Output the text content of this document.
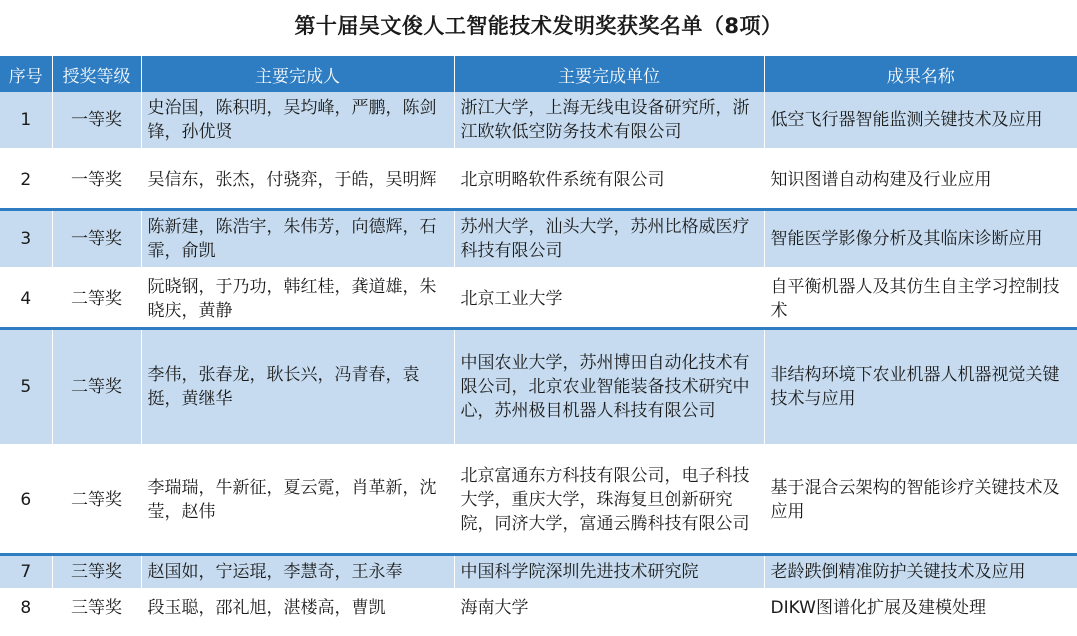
第十届吴文俊人工智能技术发明奖获奖名单（8项）
序号	授奖等级	主要完成人	主要完成单位	成果名称
1	一等奖	史治国，陈积明，吴均峰，严鹏，陈剑锋，孙优贤	浙江大学，上海无线电设备研究所，浙江欧软低空防务技术有限公司	低空飞行器智能监测关键技术及应用
2	一等奖	吴信东，张杰，付骁弈，于皓，吴明辉	北京明略软件系统有限公司	知识图谱自动构建及行业应用
3	一等奖	陈新建，陈浩宇，朱伟芳，向德辉，石霏，俞凯	苏州大学，汕头大学，苏州比格威医疗科技有限公司	智能医学影像分析及其临床诊断应用
4	二等奖	阮晓钢，于乃功，韩红桂，龚道雄，朱晓庆，黄静	北京工业大学	自平衡机器人及其仿生自主学习控制技术
5	二等奖	李伟，张春龙，耿长兴，冯青春，袁挺，黄继华	中国农业大学，苏州博田自动化技术有限公司，北京农业智能装备技术研究中心，苏州极目机器人科技有限公司	非结构环境下农业机器人机器视觉关键技术与应用
6	二等奖	李瑞瑞，牛新征，夏云霓，肖革新，沈莹，赵伟	北京富通东方科技有限公司，电子科技大学，重庆大学，珠海复旦创新研究院，同济大学，富通云腾科技有限公司	基于混合云架构的智能诊疗关键技术及应用
7	三等奖	赵国如，宁运琨，李慧奇，王永奉	中国科学院深圳先进技术研究院	老龄跌倒精准防护关键技术及应用
8	三等奖	段玉聪，邵礼旭，湛楼高，曹凯	海南大学	DIKW图谱化扩展及建模处理
